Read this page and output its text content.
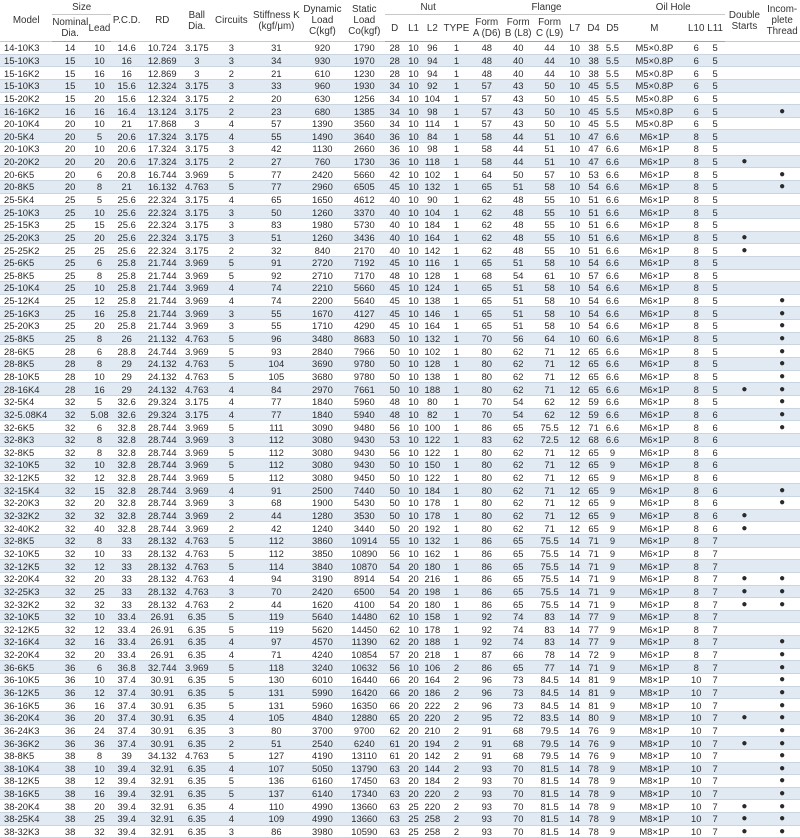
Model	Size		P.C.D.	RD	Ball Dia.	Circuits	Stiffness K (kgf/μm)	Dynamic Load C(kgf)	Static Load Co(kgf)	Nut				Flange						Oil Hole			Double Starts	Incom- plete Thread
	Nominal Dia.	Lead								D	L1	L2	TYPE	Form A (D6)	Form B (L8)	Form C (L9)	L7	D4	D5	M	L10	L11		
14-10K3	14	10	14.6	10.724	3.175	3	31	920	1790	28	10	96	1	48	40	44	10	38	5.5	M5×0.8P	6	5		
15-10K3	15	10	16	12.869	3	3	34	930	1970	28	10	94	1	48	40	44	10	38	5.5	M5×0.8P	6	5		
15-16K2	15	16	16	12.869	3	2	21	610	1230	28	10	94	1	48	40	44	10	38	5.5	M5×0.8P	6	5		
15-10K3	15	10	15.6	12.324	3.175	3	33	960	1930	34	10	92	1	57	43	50	10	45	5.5	M5×0.8P	6	5		
15-20K2	15	20	15.6	12.324	3.175	2	20	630	1256	34	10	104	1	57	43	50	10	45	5.5	M5×0.8P	6	5		
16-16K2	16	16	16.4	13.124	3.175	2	23	680	1385	34	10	98	1	57	43	50	10	45	5.5	M5×0.8P	6	5		●
20-10K4	20	10	21	17.868	3	4	57	1390	3560	34	10	114	1	57	43	50	10	45	5.5	M5×0.8P	6	5		
20-5K4	20	5	20.6	17.324	3.175	4	55	1490	3640	36	10	84	1	58	44	51	10	47	6.6	M6×1P	8	5		
20-10K3	20	10	20.6	17.324	3.175	3	42	1130	2660	36	10	98	1	58	44	51	10	47	6.6	M6×1P	8	5		
20-20K2	20	20	20.6	17.324	3.175	2	27	760	1730	36	10	118	1	58	44	51	10	47	6.6	M6×1P	8	5	●	
20-6K5	20	6	20.8	16.744	3.969	5	77	2420	5660	42	10	102	1	64	50	57	10	53	6.6	M6×1P	8	5		●
20-8K5	20	8	21	16.132	4.763	5	77	2960	6505	45	10	132	1	65	51	58	10	54	6.6	M6×1P	8	5		●
25-5K4	25	5	25.6	22.324	3.175	4	65	1650	4612	40	10	90	1	62	48	55	10	51	6.6	M6×1P	8	5		
25-10K3	25	10	25.6	22.324	3.175	3	50	1260	3370	40	10	104	1	62	48	55	10	51	6.6	M6×1P	8	5		
25-15K3	25	15	25.6	22.324	3.175	3	83	1980	5730	40	10	184	1	62	48	55	10	51	6.6	M6×1P	8	5		
25-20K3	25	20	25.6	22.324	3.175	3	51	1260	3436	40	10	164	1	62	48	55	10	51	6.6	M6×1P	8	5	●	
25-25K2	25	25	25.6	22.324	3.175	2	32	840	2170	40	10	142	1	62	48	55	10	51	6.6	M6×1P	8	5	●	
25-6K5	25	6	25.8	21.744	3.969	5	91	2720	7192	45	10	116	1	65	51	58	10	54	6.6	M6×1P	8	5		
25-8K5	25	8	25.8	21.744	3.969	5	92	2710	7170	48	10	128	1	68	54	61	10	57	6.6	M6×1P	8	5		
25-10K4	25	10	25.8	21.744	3.969	4	74	2210	5660	45	10	124	1	65	51	58	10	54	6.6	M6×1P	8	5		
25-12K4	25	12	25.8	21.744	3.969	4	74	2200	5640	45	10	138	1	65	51	58	10	54	6.6	M6×1P	8	5		●
25-16K3	25	16	25.8	21.744	3.969	3	55	1670	4127	45	10	146	1	65	51	58	10	54	6.6	M6×1P	8	5		●
25-20K3	25	20	25.8	21.744	3.969	3	55	1710	4290	45	10	164	1	65	51	58	10	54	6.6	M6×1P	8	5		●
25-8K5	25	8	26	21.132	4.763	5	96	3480	8683	50	10	132	1	70	56	64	10	60	6.6	M6×1P	8	5		●
28-6K5	28	6	28.8	24.744	3.969	5	93	2840	7966	50	10	102	1	80	62	71	12	65	6.6	M6×1P	8	5		●
28-8K5	28	8	29	24.132	4.763	5	104	3690	9780	50	10	128	1	80	62	71	12	65	6.6	M6×1P	8	5		●
28-10K5	28	10	29	24.132	4.763	5	105	3680	9780	50	10	138	1	80	62	71	12	65	6.6	M6×1P	8	5		●
28-16K4	28	16	29	24.132	4.763	4	84	2970	7661	50	10	188	1	80	62	71	12	65	6.6	M6×1P	8	5	●	●
32-5K4	32	5	32.6	29.324	3.175	4	77	1840	5960	48	10	80	1	70	54	62	12	59	6.6	M6×1P	8	5		●
32-5.08K4	32	5.08	32.6	29.324	3.175	4	77	1840	5940	48	10	82	1	70	54	62	12	59	6.6	M6×1P	8	6		●
32-6K5	32	6	32.8	28.744	3.969	5	111	3090	9480	56	10	100	1	86	65	75.5	12	71	6.6	M6×1P	8	6		●
32-8K3	32	8	32.8	28.744	3.969	3	112	3080	9430	53	10	122	1	83	62	72.5	12	68	6.6	M6×1P	8	6		
32-8K5	32	8	32.8	28.744	3.969	5	112	3080	9430	56	10	122	1	80	62	71	12	65	9	M6×1P	8	6		
32-10K5	32	10	32.8	28.744	3.969	5	112	3080	9430	50	10	150	1	80	62	71	12	65	9	M6×1P	8	6		
32-12K5	32	12	32.8	28.744	3.969	5	112	3080	9450	50	10	122	1	80	62	71	12	65	9	M6×1P	8	6		
32-15K4	32	15	32.8	28.744	3.969	4	91	2500	7440	50	10	184	1	80	62	71	12	65	9	M6×1P	8	6		●
32-20K3	32	20	32.8	28.744	3.969	3	68	1900	5430	50	10	178	1	80	62	71	12	65	9	M6×1P	8	6		●
32-32K2	32	32	32.8	28.744	3.969	2	44	1280	3530	50	10	178	1	80	62	71	12	65	9	M6×1P	8	6	●	
32-40K2	32	40	32.8	28.744	3.969	2	42	1240	3440	50	20	192	1	80	62	71	12	65	9	M6×1P	8	6	●	
32-8K5	32	8	33	28.132	4.763	5	112	3860	10914	55	10	132	1	86	65	75.5	14	71	9	M6×1P	8	7		
32-10K5	32	10	33	28.132	4.763	5	112	3850	10890	56	10	162	1	86	65	75.5	14	71	9	M6×1P	8	7		
32-12K5	32	12	33	28.132	4.763	5	114	3840	10870	54	20	180	1	86	65	75.5	14	71	9	M6×1P	8	7		
32-20K4	32	20	33	28.132	4.763	4	94	3190	8914	54	20	216	1	86	65	75.5	14	71	9	M6×1P	8	7	●	●
32-25K3	32	25	33	28.132	4.763	3	70	2420	6500	54	20	198	1	86	65	75.5	14	71	9	M6×1P	8	7	●	●
32-32K2	32	32	33	28.132	4.763	2	44	1620	4100	54	20	180	1	86	65	75.5	14	71	9	M6×1P	8	7	●	●
32-10K5	32	10	33.4	26.91	6.35	5	119	5640	14480	62	10	158	1	92	74	83	14	77	9	M6×1P	8	7		
32-12K5	32	12	33.4	26.91	6.35	5	119	5620	14450	62	10	178	1	92	74	83	14	77	9	M6×1P	8	7		
32-16K4	32	16	33.4	26.91	6.35	4	97	4570	11390	62	20	188	1	92	74	83	14	77	9	M6×1P	8	7		●
32-20K4	32	20	33.4	26.91	6.35	4	71	4240	10854	57	20	218	1	87	66	78	14	72	9	M6×1P	8	7		●
36-6K5	36	6	36.8	32.744	3.969	5	118	3240	10632	56	10	106	2	86	65	77	14	71	9	M6×1P	8	7		●
36-10K5	36	10	37.4	30.91	6.35	5	130	6010	16440	66	20	164	2	96	73	84.5	14	81	9	M8×1P	10	7		●
36-12K5	36	12	37.4	30.91	6.35	5	131	5990	16420	66	20	186	2	96	73	84.5	14	81	9	M8×1P	10	7		●
36-16K5	36	16	37.4	30.91	6.35	5	131	5960	16350	66	20	222	2	96	73	84.5	14	81	9	M8×1P	10	7		●
36-20K4	36	20	37.4	30.91	6.35	4	105	4840	12880	65	20	220	2	95	72	83.5	14	80	9	M8×1P	10	7	●	●
36-24K3	36	24	37.4	30.91	6.35	3	80	3700	9700	62	20	210	2	91	68	79.5	14	76	9	M8×1P	10	7		●
36-36K2	36	36	37.4	30.91	6.35	2	51	2540	6240	61	20	194	2	91	68	79.5	14	76	9	M8×1P	10	7	●	●
38-8K5	38	8	39	34.132	4.763	5	127	4190	13110	61	20	142	2	91	68	79.5	14	76	9	M8×1P	10	7		●
38-10K4	38	10	39.4	32.91	6.35	4	107	5050	13790	63	20	144	2	93	70	81.5	14	78	9	M8×1P	10	7		●
38-12K5	38	12	39.4	32.91	6.35	5	136	6160	17450	63	20	184	2	93	70	81.5	14	78	9	M8×1P	10	7		●
38-16K5	38	16	39.4	32.91	6.35	5	137	6140	17340	63	20	220	2	93	70	81.5	14	78	9	M8×1P	10	7		●
38-20K4	38	20	39.4	32.91	6.35	4	110	4990	13660	63	25	220	2	93	70	81.5	14	78	9	M8×1P	10	7	●	●
38-25K4	38	25	39.4	32.91	6.35	4	109	4990	13660	63	25	258	2	93	70	81.5	14	78	9	M8×1P	10	7	●	●
38-32K3	38	32	39.4	32.91	6.35	3	86	3980	10590	63	25	258	2	93	70	81.5	14	78	9	M8×1P	10	7	●	●
